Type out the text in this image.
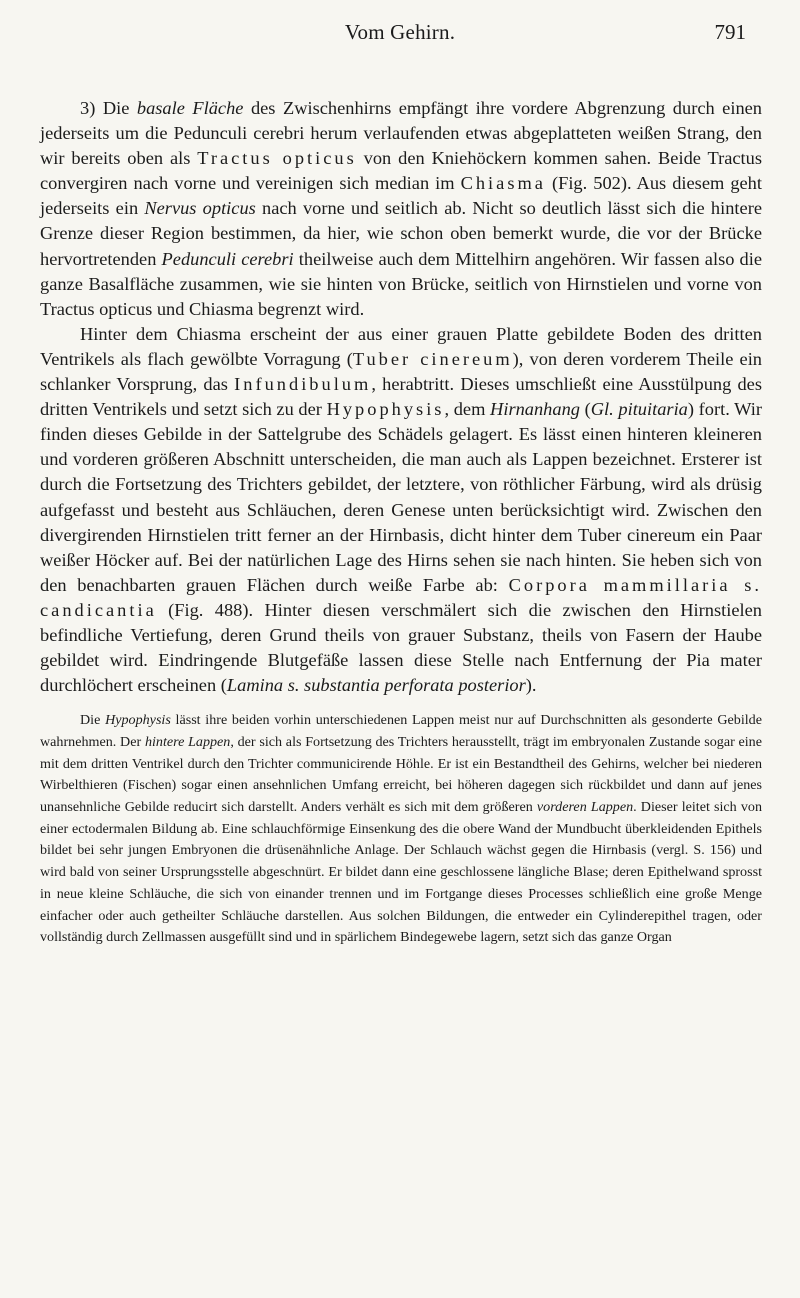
Vom Gehirn.	791

3) Die basale Fläche des Zwischenhirns empfängt ihre vordere Abgrenzung durch einen jederseits um die Pedunculi cerebri herum verlaufenden etwas abgeplatteten weißen Strang, den wir bereits oben als Tractus opticus von den Kniehöckern kommen sahen. Beide Tractus convergiren nach vorne und vereinigen sich median im Chiasma (Fig. 502). Aus diesem geht jederseits ein Nervus opticus nach vorne und seitlich ab. Nicht so deutlich lässt sich die hintere Grenze dieser Region bestimmen, da hier, wie schon oben bemerkt wurde, die vor der Brücke hervortretenden Pedunculi cerebri theilweise auch dem Mittelhirn angehören. Wir fassen also die ganze Basalfläche zusammen, wie sie hinten von Brücke, seitlich von Hirnstielen und vorne von Tractus opticus und Chiasma begrenzt wird.

Hinter dem Chiasma erscheint der aus einer grauen Platte gebildete Boden des dritten Ventrikels als flach gewölbte Vorragung (Tuber cinereum), von deren vorderem Theile ein schlanker Vorsprung, das Infundibulum, herabtritt. Dieses umschließt eine Ausstülpung des dritten Ventrikels und setzt sich zu der Hypophysis, dem Hirnanhang (Gl. pituitaria) fort. Wir finden dieses Gebilde in der Sattelgrube des Schädels gelagert. Es lässt einen hinteren kleineren und vorderen größeren Abschnitt unterscheiden, die man auch als Lappen bezeichnet. Ersterer ist durch die Fortsetzung des Trichters gebildet, der letztere, von röthlicher Färbung, wird als drüsig aufgefasst und besteht aus Schläuchen, deren Genese unten berücksichtigt wird. Zwischen den divergirenden Hirnstielen tritt ferner an der Hirnbasis, dicht hinter dem Tuber cinereum ein Paar weißer Höcker auf. Bei der natürlichen Lage des Hirns sehen sie nach hinten. Sie heben sich von den benachbarten grauen Flächen durch weiße Farbe ab: Corpora mammillaria s. candicantia (Fig. 488). Hinter diesen verschmälert sich die zwischen den Hirnstielen befindliche Vertiefung, deren Grund theils von grauer Substanz, theils von Fasern der Haube gebildet wird. Eindringende Blutgefäße lassen diese Stelle nach Entfernung der Pia mater durchlöchert erscheinen (Lamina s. substantia perforata posterior).

Die Hypophysis lässt ihre beiden vorhin unterschiedenen Lappen meist nur auf Durchschnitten als gesonderte Gebilde wahrnehmen. Der hintere Lappen, der sich als Fortsetzung des Trichters herausstellt, trägt im embryonalen Zustande sogar eine mit dem dritten Ventrikel durch den Trichter communicirende Höhle. Er ist ein Bestandtheil des Gehirns, welcher bei niederen Wirbelthieren (Fischen) sogar einen ansehnlichen Umfang erreicht, bei höheren dagegen sich rückbildet und dann auf jenes unansehnliche Gebilde reducirt sich darstellt. Anders verhält es sich mit dem größeren vorderen Lappen. Dieser leitet sich von einer ectodermalen Bildung ab. Eine schlauchförmige Einsenkung des die obere Wand der Mundbucht überkleidenden Epithels bildet bei sehr jungen Embryonen die drüsenähnliche Anlage. Der Schlauch wächst gegen die Hirnbasis (vergl. S. 156) und wird bald von seiner Ursprungsstelle abgeschnürt. Er bildet dann eine geschlossene längliche Blase; deren Epithelwand sprosst in neue kleine Schläuche, die sich von einander trennen und im Fortgange dieses Processes schließlich eine große Menge einfacher oder auch getheilter Schläuche darstellen. Aus solchen Bildungen, die entweder ein Cylinderepithel tragen, oder vollständig durch Zellmassen ausgefüllt sind und in spärlichem Bindegewebe lagern, setzt sich das ganze Organ
